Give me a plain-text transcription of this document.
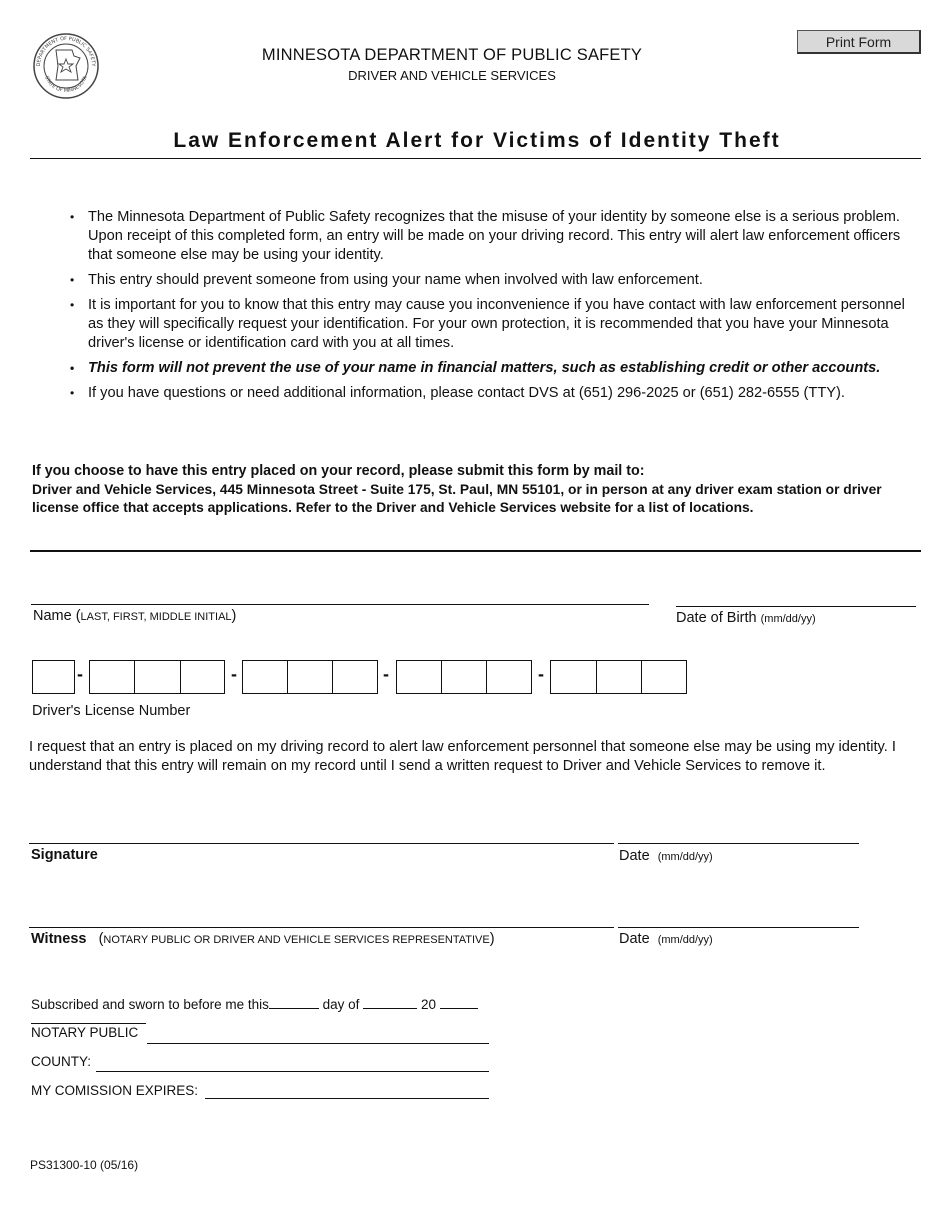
DEPARTMENT OF PUBLIC SAFETY
STATE OF MINNESOTA
MINNESOTA DEPARTMENT OF PUBLIC SAFETY
DRIVER AND VEHICLE SERVICES
Print Form
Law Enforcement Alert for Victims of Identity Theft
• The Minnesota Department of Public Safety recognizes that the misuse of your identity by someone else is a serious problem. Upon receipt of this completed form, an entry will be made on your driving record. This entry will alert law enforcement officers that someone else may be using your identity.
• This entry should prevent someone from using your name when involved with law enforcement.
• It is important for you to know that this entry may cause you inconvenience if you have contact with law enforcement personnel as they will specifically request your identification. For your own protection, it is recommended that you have your Minnesota driver's license or identification card with you at all times.
• This form will not prevent the use of your name in financial matters, such as establishing credit or other accounts.
• If you have questions or need additional information, please contact DVS at (651) 296-2025 or (651) 282-6555 (TTY).
If you choose to have this entry placed on your record, please submit this form by mail to:
Driver and Vehicle Services, 445 Minnesota Street - Suite 175, St. Paul, MN 55101, or in person at any driver exam station or driver license office that accepts applications. Refer to the Driver and Vehicle Services website for a list of locations.
Name (LAST, FIRST, MIDDLE INITIAL)	Date of Birth (mm/dd/yy)
-	-	-	-
Driver's License Number
I request that an entry is placed on my driving record to alert law enforcement personnel that someone else may be using my identity. I understand that this entry will remain on my record until I send a written request to Driver and Vehicle Services to remove it.
Signature	Date (mm/dd/yy)
Witness (NOTARY PUBLIC OR DRIVER AND VEHICLE SERVICES REPRESENTATIVE)	Date (mm/dd/yy)
Subscribed and sworn to before me this	day of	20
NOTARY PUBLIC
COUNTY:
MY COMISSION EXPIRES:
PS31300-10 (05/16)
